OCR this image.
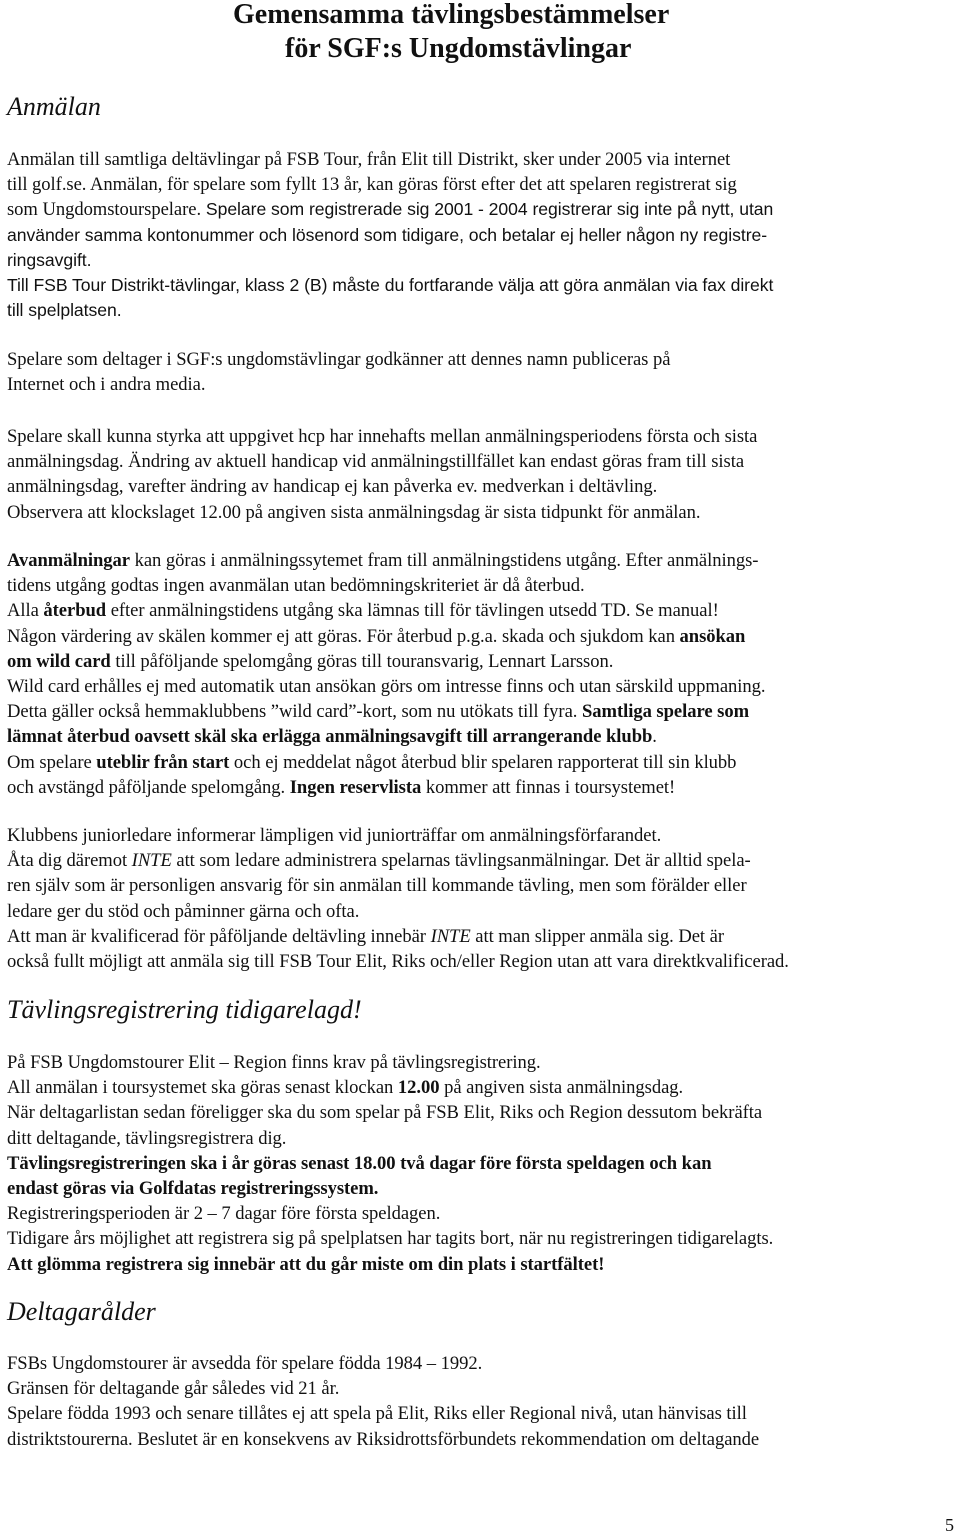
Gemensamma tävlingsbestämmelser
för SGF:s Ungdomstävlingar
Anmälan

Anmälan till samtliga deltävlingar på FSB Tour, från Elit till Distrikt, sker under 2005 via internet

till golf.se. Anmälan, för spelare som fyllt 13 år, kan göras först efter det att spelaren registrerat sig

som Ungdomstourspelare. Spelare som registrerade sig 2001 - 2004 registrerar sig inte på nytt, utan

använder samma kontonummer och lösenord som tidigare, och betalar ej heller någon ny registre-

ringsavgift.

Till FSB Tour Distrikt-tävlingar, klass 2 (B) måste du fortfarande välja att göra anmälan via fax direkt

till spelplatsen.

Spelare som deltager i SGF:s ungdomstävlingar godkänner att dennes namn publiceras på

Internet och i andra media.

Spelare skall kunna styrka att uppgivet hcp har innehafts mellan anmälningsperiodens första och sista

anmälningsdag. Ändring av aktuell handicap vid anmälningstillfället kan endast göras fram till sista

anmälningsdag, varefter ändring av handicap ej kan påverka ev. medverkan i deltävling.

Observera att klockslaget 12.00 på angiven sista anmälningsdag är sista tidpunkt för anmälan.

Avanmälningar kan göras i anmälningssytemet fram till anmälningstidens utgång. Efter anmälnings-

tidens utgång godtas ingen avanmälan utan bedömningskriteriet är då återbud.

Alla återbud efter anmälningstidens utgång ska lämnas till för tävlingen utsedd TD. Se manual!

Någon värdering av skälen kommer ej att göras. För återbud p.g.a. skada och sjukdom kan ansökan

om wild card till påföljande spelomgång göras till touransvarig, Lennart Larsson.

Wild card erhålles ej med automatik utan ansökan görs om intresse finns och utan särskild uppmaning.

Detta gäller också hemmaklubbens ”wild card”-kort, som nu utökats till fyra. Samtliga spelare som

lämnat återbud oavsett skäl ska erlägga anmälningsavgift till arrangerande klubb.

Om spelare uteblir från start och ej meddelat något återbud blir spelaren rapporterat till sin klubb

och avstängd påföljande spelomgång. Ingen reservlista kommer att finnas i toursystemet!

Klubbens juniorledare informerar lämpligen vid juniorträffar om anmälningsförfarandet.

Åta dig däremot INTE att som ledare administrera spelarnas tävlingsanmälningar. Det är alltid spela-

ren själv som är personligen ansvarig för sin anmälan till kommande tävling, men som förälder eller

ledare ger du stöd och påminner gärna och ofta.

Att man är kvalificerad för påföljande deltävling innebär INTE att man slipper anmäla sig. Det är

också fullt möjligt att anmäla sig till FSB Tour Elit, Riks och/eller Region utan att vara direktkvalificerad.

Tävlingsregistrering tidigarelagd!

På FSB Ungdomstourer Elit – Region finns krav på tävlingsregistrering.

All anmälan i toursystemet ska göras senast klockan 12.00 på angiven sista anmälningsdag.

När deltagarlistan sedan föreligger ska du som spelar på FSB Elit, Riks och Region dessutom bekräfta

ditt deltagande, tävlingsregistrera dig.

Tävlingsregistreringen ska i år göras senast 18.00 två dagar före första speldagen och kan

endast göras via Golfdatas registreringssystem.

Registreringsperioden är 2 – 7 dagar före första speldagen.

Tidigare års möjlighet att registrera sig på spelplatsen har tagits bort, när nu registreringen tidigarelagts.

Att glömma registrera sig innebär att du går miste om din plats i startfältet!

Deltagarålder

FSBs Ungdomstourer är avsedda för spelare födda 1984 – 1992.

Gränsen för deltagande går således vid 21 år.

Spelare födda 1993 och senare tillåtes ej att spela på Elit, Riks eller Regional nivå, utan hänvisas till

distriktstourerna. Beslutet är en konsekvens av Riksidrottsförbundets rekommendation om deltagande

5
